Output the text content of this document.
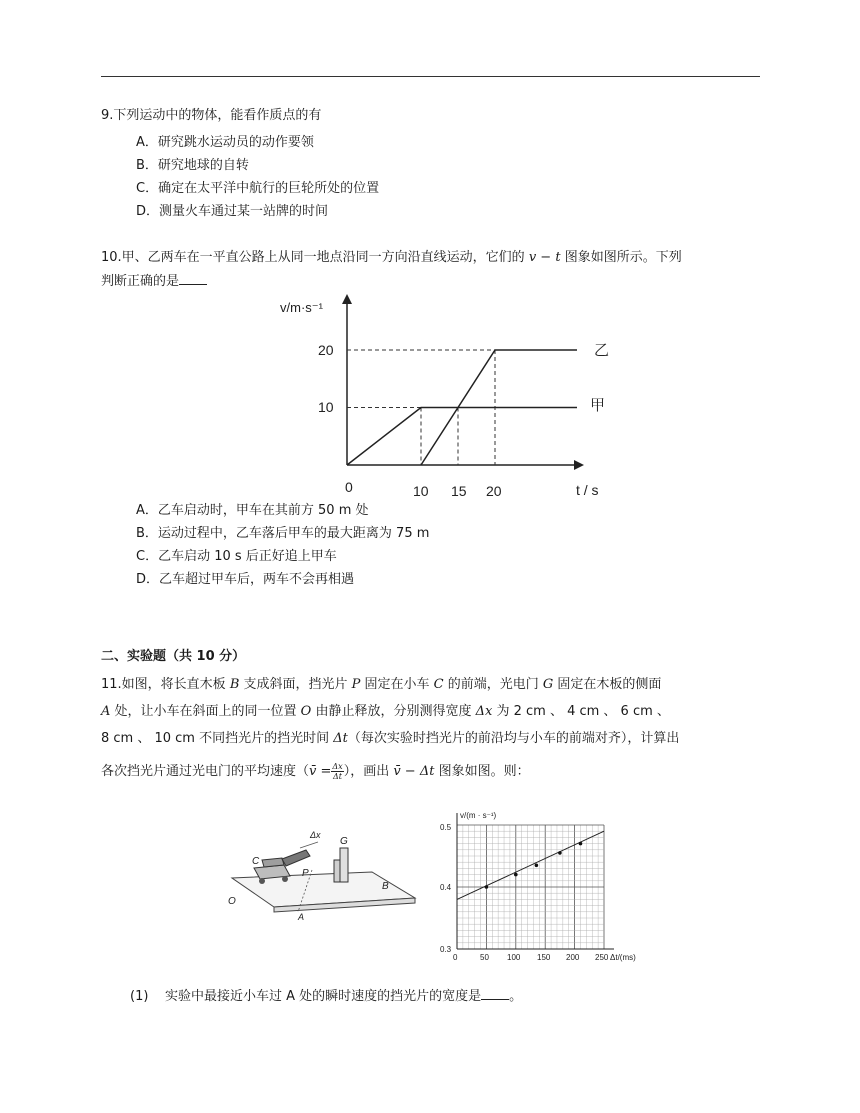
9.下列运动中的物体，能看作质点的有
A．研究跳水运动员的动作要领
B．研究地球的自转
C．确定在太平洋中航行的巨轮所处的位置
D．测量火车通过某一站牌的时间
10.甲、乙两车在一平直公路上从同一地点沿同一方向沿直线运动，它们的 v − t 图象如图所示。下列
判断正确的是
v/m·s⁻¹
t / s
0
20
10
10 15 20
乙
甲
A．乙车启动时，甲车在其前方 50 m 处
B．运动过程中，乙车落后甲车的最大距离为 75 m
C．乙车启动 10 s 后正好追上甲车
D．乙车超过甲车后，两车不会再相遇
二、实验题（共 10 分）
11.如图，将长直木板 B 支成斜面，挡光片 P 固定在小车 C 的前端，光电门 G 固定在木板的侧面
A 处，让小车在斜面上的同一位置 O 由静止释放，分别测得宽度 Δx 为 2 cm 、 4 cm 、 6 cm 、
8 cm 、 10 cm 不同挡光片的挡光时间 Δt（每次实验时挡光片的前沿均与小车的前端对齐），计算出
各次挡光片通过光电门的平均速度（v̄ = $\frac{\Delta x}{\Delta t}$ ），画出 v̄ − Δt 图象如图。则：
C
P
G
Δx
O
A
B
v/(m · s⁻¹)
Δt/(ms)
0.5
0.4
0.3
0	50 100 150 200 250
(1) 实验中最接近小车过 A 处的瞬时速度的挡光片的宽度是 。
